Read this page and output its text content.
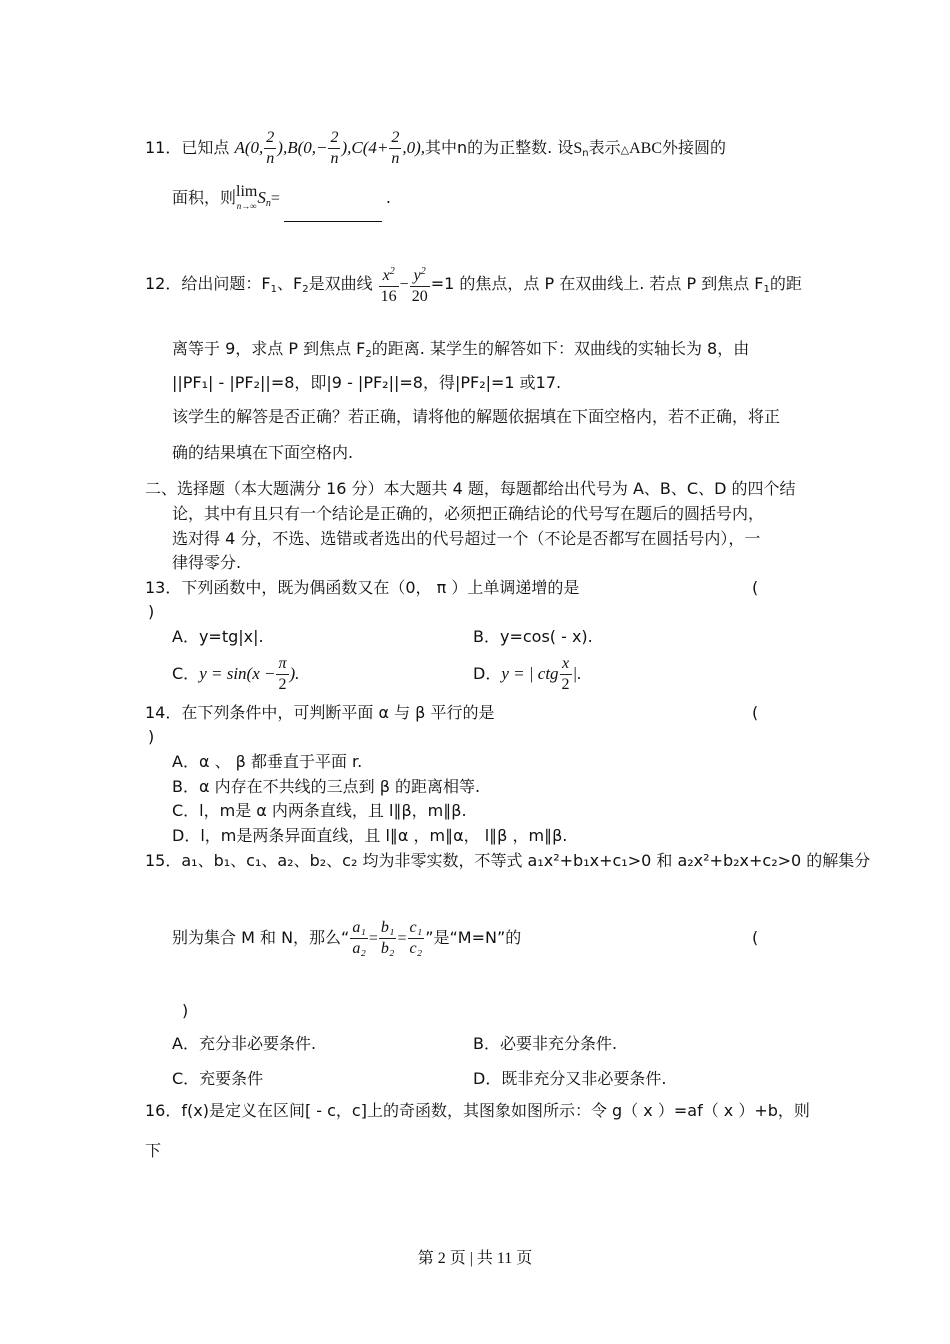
11．已知点 A(0, $\frac{2}{n} ),B(0,- \frac{2}{n} ),C(4+ \frac{2}{n} ,0)$,其中n的为正整数. 设$S_n$表示△ABC外接圆的
面积，则 lim
n→∞ $S_n=$	.
12．给出问题：$F_1$、$F_2$是双曲线 $\frac{x^2}{16} - \frac{y^2}{20} =1$ 的焦点，点 P 在双曲线上. 若点 P 到焦点 $F_1$的距
离等于 9，求点 P 到焦点 $F_2$的距离. 某学生的解答如下：双曲线的实轴长为 8，由
||PF₁| - |PF₂||=8，即|9 - |PF₂||=8，得|PF₂|=1 或17.
该学生的解答是否正确？若正确，请将他的解题依据填在下面空格内，若不正确，将正
确的结果填在下面空格内.
二、选择题（本大题满分 16 分）本大题共 4 题，每题都给出代号为 A、B、C、D 的四个结
论，其中有且只有一个结论是正确的，必须把正确结论的代号写在题后的圆括号内，
选对得 4 分，不选、选错或者选出的代号超过一个（不论是否都写在圆括号内），一
律得零分.
13．下列函数中，既为偶函数又在（0， π ）上单调递增的是	(
)
A．y=tg|x|.	B．y=cos( - x).
C．$y = \sin(x - \frac{\pi}{2}$ ).	D．y = | ctg $\frac{x}{2}$ |.
14．在下列条件中，可判断平面 α 与 β 平行的是	(
)
A．α 、 β 都垂直于平面 r.
B．α 内存在不共线的三点到 β 的距离相等.
C．l，m是 α 内两条直线，且 l∥β，m∥β.
D．l，m是两条异面直线，且 l∥α ，m∥α， l∥β ，m∥β.
15．a₁、b₁、c₁、a₂、b₂、c₂ 均为非零实数，不等式 a₁x²+b₁x+c₁>0 和 a₂x²+b₂x+c₂>0 的解集分
别为集合 M 和 N，那么“ $\frac{\text{a₁}}{\text{a₂}} = \frac{\text{b₁}}{\text{b₂}} = \frac{\text{c₁}}{\text{c₂}}$ ”是“M=N”的	(
)
A．充分非必要条件.	B．必要非充分条件.
C．充要条件	D．既非充分又非必要条件.
16．f(x)是定义在区间[ - c，c]上的奇函数，其图象如图所示：令 g（ x ）=af（ x ）+b，则
下
第 2 页 | 共 11 页
